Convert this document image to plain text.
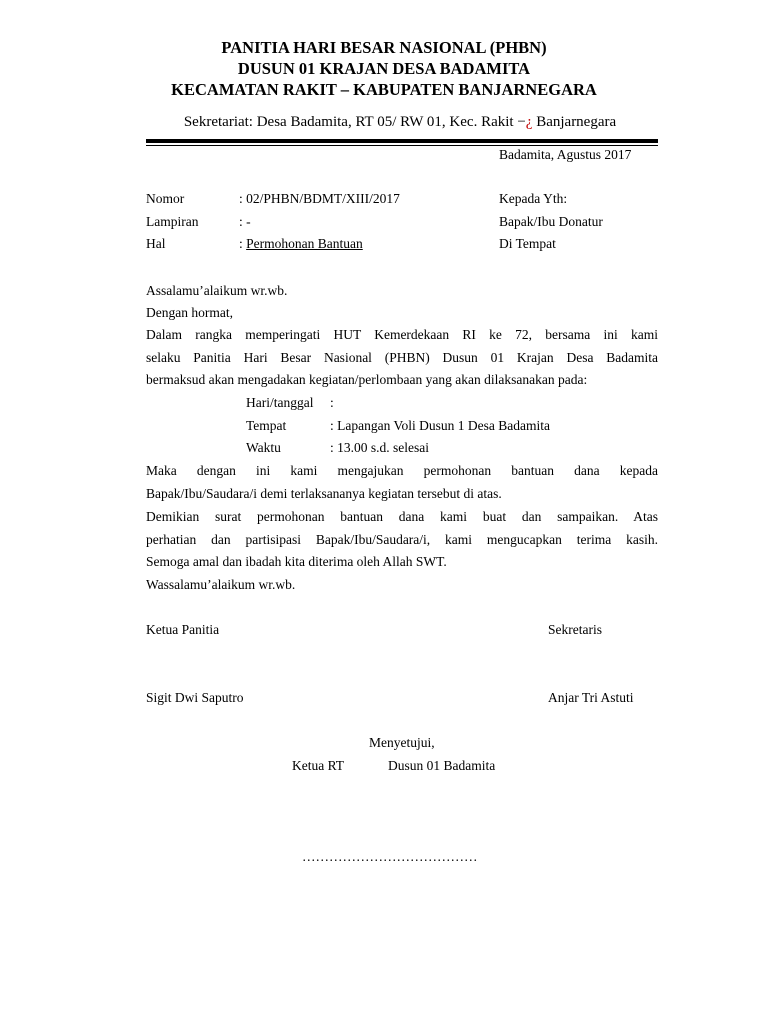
PANITIA HARI BESAR NASIONAL (PHBN)
DUSUN 01 KRAJAN DESA BADAMITA
KECAMATAN RAKIT – KABUPATEN BANJARNEGARA
Sekretariat: Desa Badamita, RT 05/ RW 01, Kec. Rakit −¿ Banjarnegara
Badamita, Agustus 2017
Nomor	: 02/PHBN/BDMT/XIII/2017
Lampiran	: -
Hal	: Permohonan Bantuan
Kepada Yth:
Bapak/Ibu Donatur
Di Tempat
Assalamu’alaikum wr.wb.
Dengan hormat,
Dalam rangka memperingati HUT Kemerdekaan RI ke 72, bersama ini kami
selaku Panitia Hari Besar Nasional (PHBN) Dusun 01 Krajan Desa Badamita
bermaksud akan mengadakan kegiatan/perlombaan yang akan dilaksanakan pada:
Hari/tanggal :
Tempat	: Lapangan Voli Dusun 1 Desa Badamita
Waktu	: 13.00 s.d. selesai
Maka dengan ini kami mengajukan permohonan bantuan dana kepada
Bapak/Ibu/Saudara/i demi terlaksananya kegiatan tersebut di atas.
Demikian surat permohonan bantuan dana kami buat dan sampaikan. Atas
perhatian dan partisipasi Bapak/Ibu/Saudara/i, kami mengucapkan terima kasih.
Semoga amal dan ibadah kita diterima oleh Allah SWT.
Wassalamu’alaikum wr.wb.
Ketua Panitia	Sekretaris
Sigit Dwi Saputro	Anjar Tri Astuti
Menyetujui,
Ketua RT	Dusun 01 Badamita
…………………………………
